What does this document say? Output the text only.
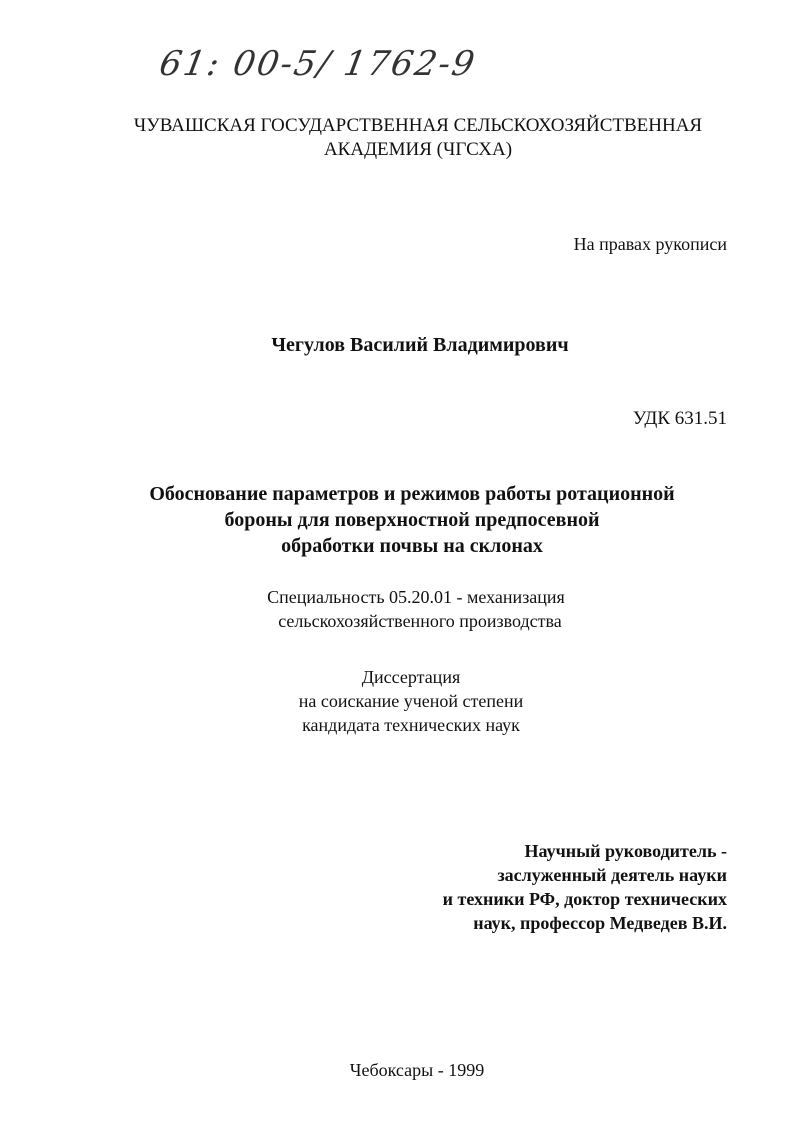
61: 00-5/ 1762-9
ЧУВАШСКАЯ ГОСУДАРСТВЕННАЯ СЕЛЬСКОХОЗЯЙСТВЕННАЯ
АКАДЕМИЯ (ЧГСХА)
На правах рукописи
Чегулов Василий Владимирович
УДК 631.51
Обоснование параметров и режимов работы ротационной
бороны для поверхностной предпосевной
обработки почвы на склонах
Специальность 05.20.01 - механизация
сельскохозяйственного производства
Диссертация
на соискание ученой степени
кандидата технических наук
Научный руководитель -
заслуженный деятель науки
и техники РФ, доктор технических
наук, профессор Медведев В.И.
Чебоксары - 1999
